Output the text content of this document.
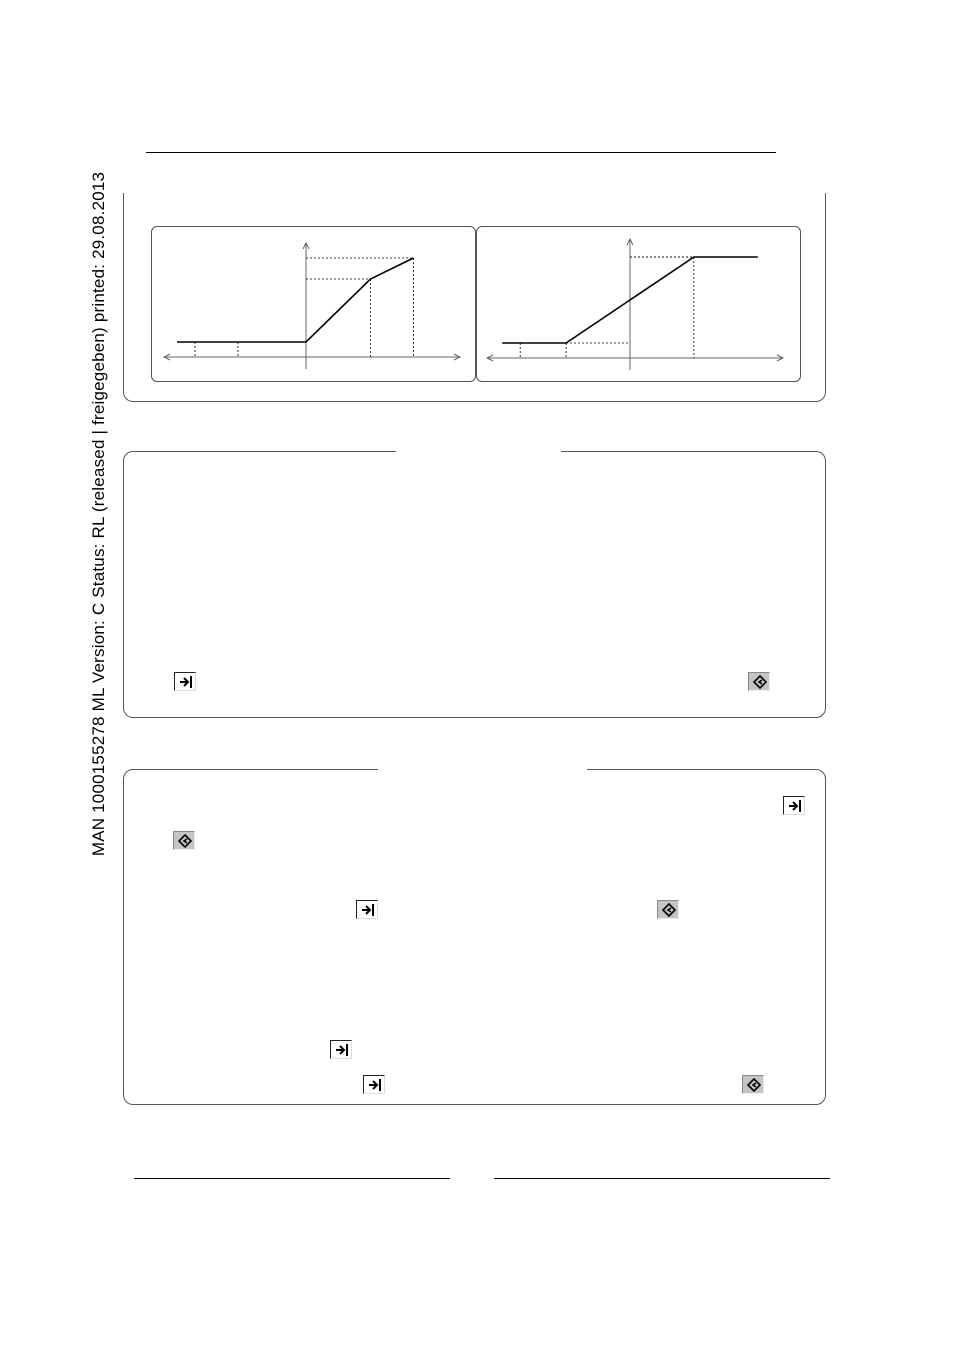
MAN 1000155278 ML Version: C Status: RL (released | freigegeben) printed: 29.08.2013
